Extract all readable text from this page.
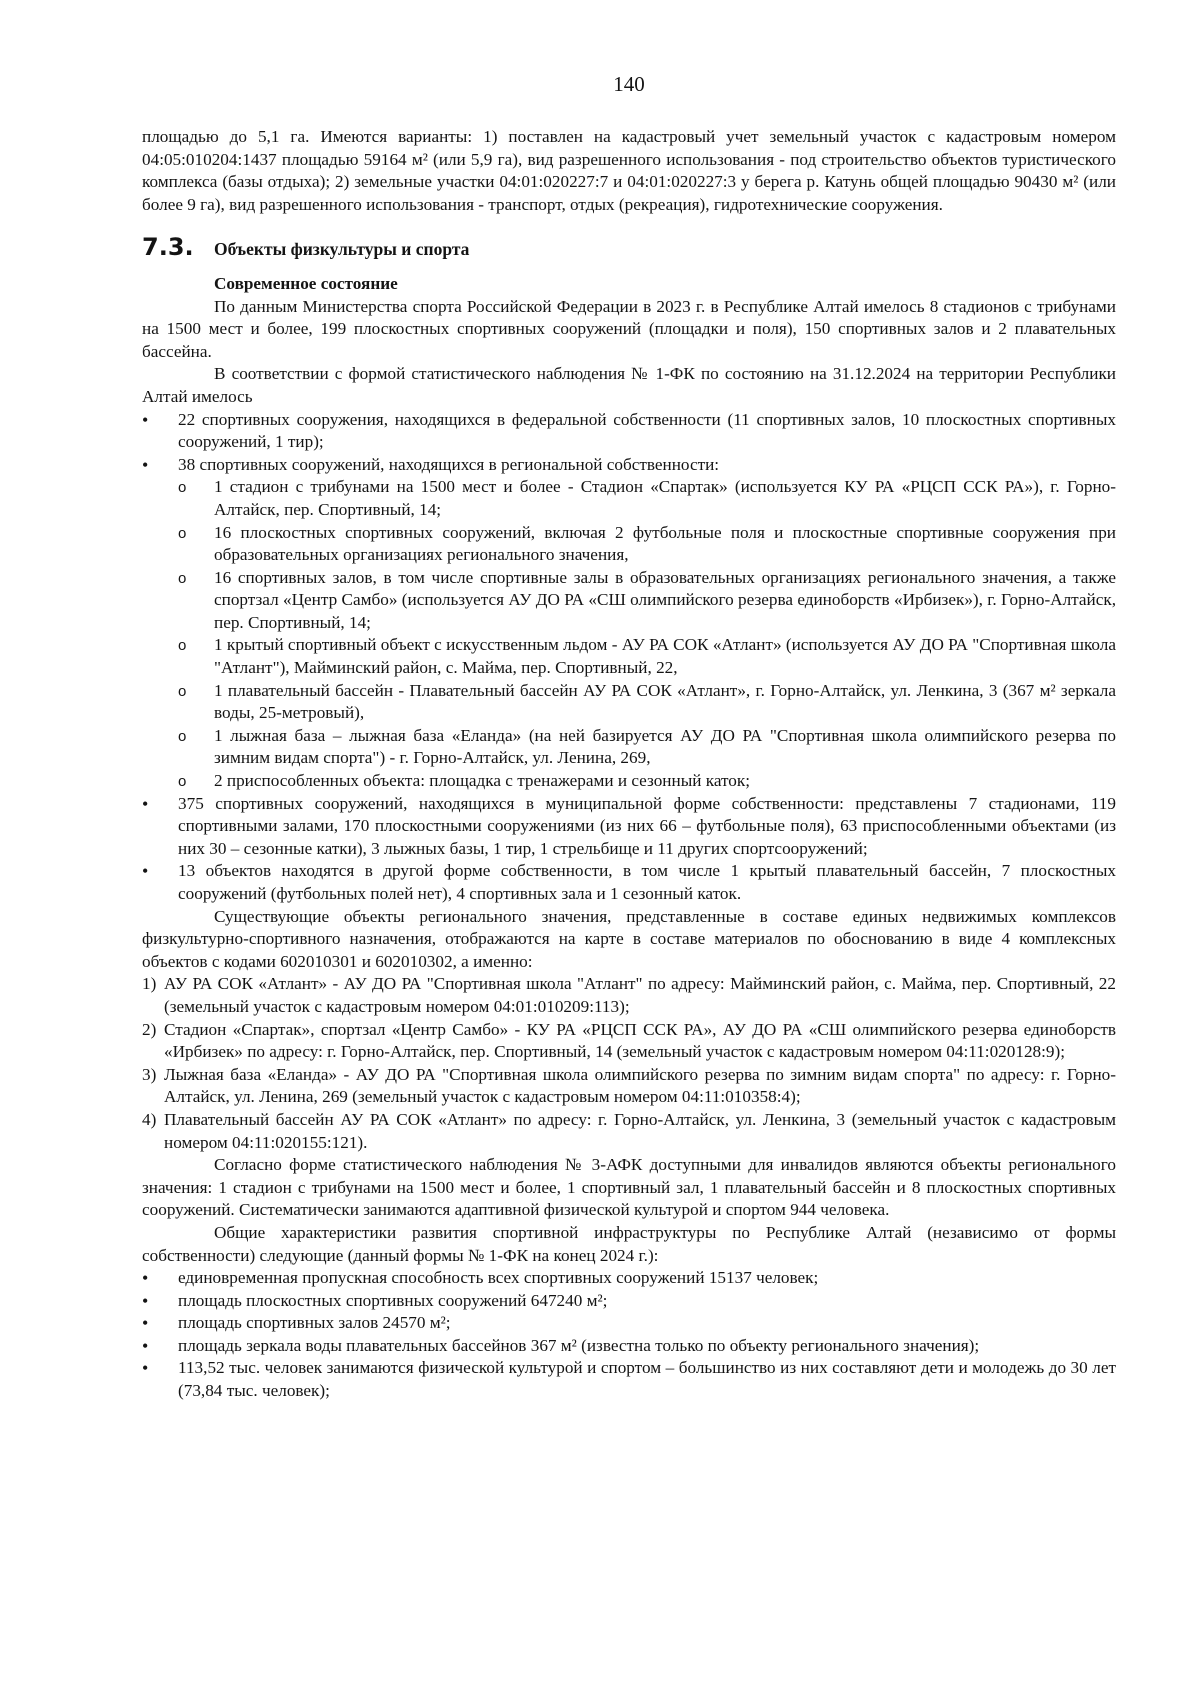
140

площадью до 5,1 га. Имеются варианты: 1) поставлен на кадастровый учет земельный участок с кадастровым номером 04:05:010204:1437 площадью 59164 м² (или 5,9 га), вид разрешенного использования - под строительство объектов туристического комплекса (базы отдыха); 2) земельные участки 04:01:020227:7 и 04:01:020227:3 у берега р. Катунь общей площадью 90430 м² (или более 9 га), вид разрешенного использования - транспорт, отдых (рекреация), гидротехнические сооружения.

7.3.	Объекты физкультуры и спорта
Современное состояние

По данным Министерства спорта Российской Федерации в 2023 г. в Республике Алтай имелось 8 стадионов с трибунами на 1500 мест и более, 199 плоскостных спортивных сооружений (площадки и поля), 150 спортивных залов и 2 плавательных бассейна.

В соответствии с формой статистического наблюдения № 1-ФК по состоянию на 31.12.2024 на территории Республики Алтай имелось

•
22 спортивных сооружения, находящихся в федеральной собственности (11 спортивных залов, 10 плоскостных спортивных сооружений, 1 тир);
•
38 спортивных сооружений, находящихся в региональной собственности:
o
1 стадион с трибунами на 1500 мест и более - Стадион «Спартак» (используется КУ РА «РЦСП ССК РА»), г. Горно-Алтайск, пер. Спортивный, 14;
o
16 плоскостных спортивных сооружений, включая 2 футбольные поля и плоскостные спортивные сооружения при образовательных организациях регионального значения,
o
16 спортивных залов, в том числе спортивные залы в образовательных организациях регионального значения, а также спортзал «Центр Самбо» (используется АУ ДО РА «СШ олимпийского резерва единоборств «Ирбизек»), г. Горно-Алтайск, пер. Спортивный, 14;
o
1 крытый спортивный объект с искусственным льдом - АУ РА СОК «Атлант» (используется АУ ДО РА "Спортивная школа "Атлант"), Майминский район, с. Майма, пер. Спортивный, 22,
o
1 плавательный бассейн - Плавательный бассейн АУ РА СОК «Атлант», г. Горно-Алтайск, ул. Ленкина, 3 (367 м² зеркала воды, 25-метровый),
o
1 лыжная база – лыжная база «Еланда» (на ней базируется АУ ДО РА "Спортивная школа олимпийского резерва по зимним видам спорта") - г. Горно-Алтайск, ул. Ленина, 269,
o
2 приспособленных объекта: площадка с тренажерами и сезонный каток;
•
375 спортивных сооружений, находящихся в муниципальной форме собственности: представлены 7 стадионами, 119 спортивными залами, 170 плоскостными сооружениями (из них 66 – футбольные поля), 63 приспособленными объектами (из них 30 – сезонные катки), 3 лыжных базы, 1 тир, 1 стрельбище и 11 других спортсооружений;
•
13 объектов находятся в другой форме собственности, в том числе 1 крытый плавательный бассейн, 7 плоскостных сооружений (футбольных полей нет), 4 спортивных зала и 1 сезонный каток.

Существующие объекты регионального значения, представленные в составе единых недвижимых комплексов физкультурно-спортивного назначения, отображаются на карте в составе материалов по обоснованию в виде 4 комплексных объектов с кодами 602010301 и 602010302, а именно:

1) АУ РА СОК «Атлант» - АУ ДО РА "Спортивная школа "Атлант" по адресу: Майминский район, с. Майма, пер. Спортивный, 22 (земельный участок с кадастровым номером 04:01:010209:113);
2) Стадион «Спартак», спортзал «Центр Самбо» - КУ РА «РЦСП ССК РА», АУ ДО РА «СШ олимпийского резерва единоборств «Ирбизек» по адресу: г. Горно-Алтайск, пер. Спортивный, 14 (земельный участок с кадастровым номером 04:11:020128:9);
3) Лыжная база «Еланда» - АУ ДО РА "Спортивная школа олимпийского резерва по зимним видам спорта" по адресу: г. Горно-Алтайск, ул. Ленина, 269 (земельный участок с кадастровым номером 04:11:010358:4);
4) Плавательный бассейн АУ РА СОК «Атлант» по адресу: г. Горно-Алтайск, ул. Ленкина, 3 (земельный участок с кадастровым номером 04:11:020155:121).

Согласно форме статистического наблюдения № 3-АФК доступными для инвалидов являются объекты регионального значения: 1 стадион с трибунами на 1500 мест и более, 1 спортивный зал, 1 плавательный бассейн и 8 плоскостных спортивных сооружений. Систематически занимаются адаптивной физической культурой и спортом 944 человека.

Общие характеристики развития спортивной инфраструктуры по Республике Алтай (независимо от формы собственности) следующие (данный формы № 1-ФК на конец 2024 г.):

•
единовременная пропускная способность всех спортивных сооружений 15137 человек;
•
площадь плоскостных спортивных сооружений 647240 м²;
•
площадь спортивных залов 24570 м²;
•
площадь зеркала воды плавательных бассейнов 367 м² (известна только по объекту регионального значения);
•
113,52 тыс. человек занимаются физической культурой и спортом – большинство из них составляют дети и молодежь до 30 лет (73,84 тыс. человек);
